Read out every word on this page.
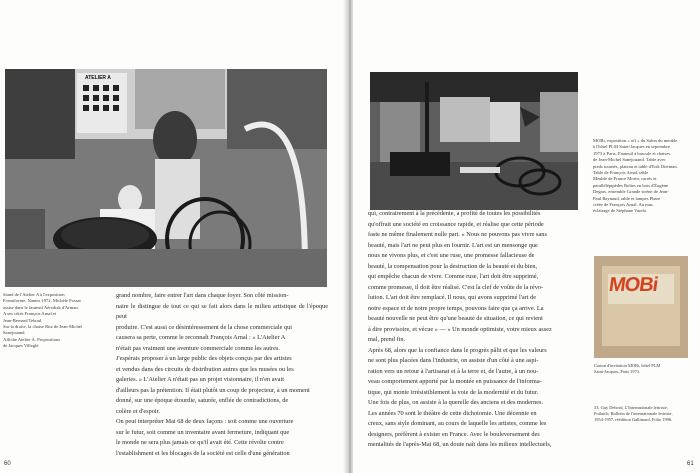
ATELIER A

Stand de l'Atelier A à l'exposition

Formiforme, Nantes 1972. Michèle Fossat

assise dans le fauteuil Aérodisk d'Arman.

A ses côtés François Arnal et

Jean-Bernard Teboul.

Sur la droite, la chaise Ritz de Jean-Michel

Sanejouand.

Affiche Atelier A. Propositions

de Jacques Villeglé.

grand nombre, faire entrer l'art dans chaque foyer. Son côté mission-

naire le distingue de tout ce qui se fait alors dans le milieu artistique de l'époque peut

produire. C'est aussi ce désintéressement de la chose commerciale qui

causera sa perte, comme le reconnaît François Arnal : « L'Atelier A

n'était pas vraiment une aventure commerciale comme les autres.

J'espérais proposer à un large public des objets conçus par des artistes

et vendus dans des circuits de distribution autres que les musées ou les

galeries. » L'Atelier A n'était pas un projet visionnaire, il n'en avait

d'ailleurs pas la prétention. Il était plutôt un coup de projecteur, à un moment

donné, sur une époque étourdie, saturée, enflée de contradictions, de

colère et d'espoir.

On peut interpréter Mai 68 de deux façons : soit comme une ouverture

sur le futur, soit comme un inventaire avant fermeture, indiquant que

le monde ne sera plus jamais ce qu'il avait été. Cette révolte contre

l'establishment et les blocages de la société est celle d'une génération

60

MOBi, exposition « off » du Salon du meuble

à l'hôtel PLM Saint-Jacques en septembre

1973 à Paris. Fauteuil à bascule et chaises

de Jean-Michel Sanejouand. Table avec

pieds tournés, plateau et table d'Erik Dietman.

Table de François Arnal, table

Meuble de France Morin, carrés et

parallélépipèdes Boîtes en bois d'Eugène

Degars, ensemble Grande sirène de Jean-

Paul Raynaud, table et lampes Phare

créée de François Arnal. Au mur,

éclairage de Stéphane Varela.

qui, contrairement à la précédente, a profité de toutes les possibilités

qu'offrait une société en croissance rapide, et réalise que cette période

faste ne même finalement nulle part. « Nous ne pouvons pas vivre sans

beauté, mais l'art ne peut plus en fournir. L'art est un mensonge que

nous ne vivons plus, et c'est une ruse, une promesse fallacieuse de

beauté, la compensation pour la destruction de la beauté et du bien,

qui empêche chacun de vivre. Comme ruse, l'art doit être supprimé,

comme promesse, il doit être réalisé. C'est la clef de voûte de la révo-

lution. L'art doit être remplacé. Il nous, qui avons supprimé l'art de

notre espace et de notre propre temps, pouvons faire que ça arrive. La

beauté nouvelle ne peut être qu'une beauté de situation, ce qui revient

à dire provisoire, et vécue » — « Un monde optimiste, votre mieux assez

mal, prend fin.

Après 68, alors que la confiance dans le progrès pâlit et que les valeurs

ne sont plus placées dans l'industrie, on assiste d'un côté à une aspi-

ration vers un retour à l'artisanat et à la terre et, de l'autre, à un nou-

veau comportement apporté par la montée en puissance de l'informa-

tique, qui monte irrésistiblement la voie de la modernité et du futur.

Une fois de plus, on assiste à la querelle des anciens et des modernes.

Les années 70 sont le théâtre de cette dichotomie. Une décennie en

creux, sans style dominant, au cours de laquelle les artistes, comme les

designers, préfèrent à exister en France. Avec le bouleversement des

mentalités de l'après-Mai 68, un doute naît dans les milieux intellectuels,

MOBi

Carton d'invitation MOBi, hôtel PLM

Saint-Jacques, Paris 1973.

33. Guy Debord, L'Internationale lettriste,

Potlatch, Bulletin de l'internationale lettriste,

1954-1957, réédition Gallimard, Folio 1996.

61
